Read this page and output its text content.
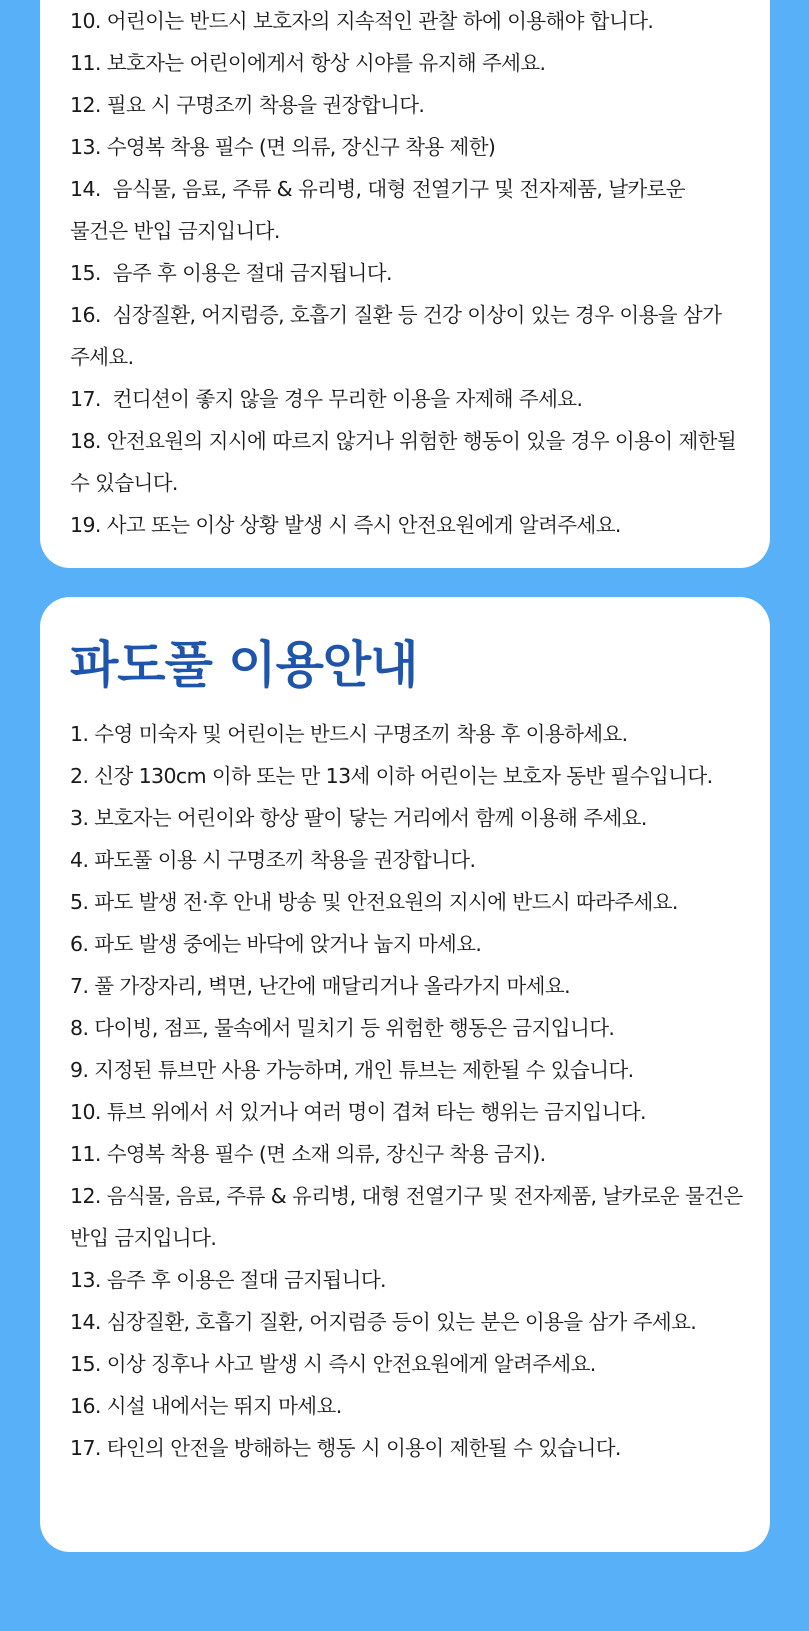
10. 어린이는 반드시 보호자의 지속적인 관찰 하에 이용해야 합니다.
11. 보호자는 어린이에게서 항상 시야를 유지해 주세요.
12. 필요 시 구명조끼 착용을 권장합니다.
13. 수영복 착용 필수 (면 의류, 장신구 착용 제한)
14.  음식물, 음료, 주류 & 유리병, 대형 전열기구 및 전자제품, 날카로운 물건은 반입 금지입니다.
15.  음주 후 이용은 절대 금지됩니다.
16.  심장질환, 어지럼증, 호흡기 질환 등 건강 이상이 있는 경우 이용을 삼가 주세요.
17.  컨디션이 좋지 않을 경우 무리한 이용을 자제해 주세요.
18. 안전요원의 지시에 따르지 않거나 위험한 행동이 있을 경우 이용이 제한될 수 있습니다.
19. 사고 또는 이상 상황 발생 시 즉시 안전요원에게 알려주세요.
파도풀 이용안내
1. 수영 미숙자 및 어린이는 반드시 구명조끼 착용 후 이용하세요.
2. 신장 130cm 이하 또는 만 13세 이하 어린이는 보호자 동반 필수입니다.
3. 보호자는 어린이와 항상 팔이 닿는 거리에서 함께 이용해 주세요.
4. 파도풀 이용 시 구명조끼 착용을 권장합니다.
5. 파도 발생 전·후 안내 방송 및 안전요원의 지시에 반드시 따라주세요.
6. 파도 발생 중에는 바닥에 앉거나 눕지 마세요.
7. 풀 가장자리, 벽면, 난간에 매달리거나 올라가지 마세요.
8. 다이빙, 점프, 물속에서 밀치기 등 위험한 행동은 금지입니다.
9. 지정된 튜브만 사용 가능하며, 개인 튜브는 제한될 수 있습니다.
10. 튜브 위에서 서 있거나 여러 명이 겹쳐 타는 행위는 금지입니다.
11. 수영복 착용 필수 (면 소재 의류, 장신구 착용 금지).
12. 음식물, 음료, 주류 & 유리병, 대형 전열기구 및 전자제품, 날카로운 물건은 반입 금지입니다.
13. 음주 후 이용은 절대 금지됩니다.
14. 심장질환, 호흡기 질환, 어지럼증 등이 있는 분은 이용을 삼가 주세요.
15. 이상 징후나 사고 발생 시 즉시 안전요원에게 알려주세요.
16. 시설 내에서는 뛰지 마세요.
17. 타인의 안전을 방해하는 행동 시 이용이 제한될 수 있습니다.
